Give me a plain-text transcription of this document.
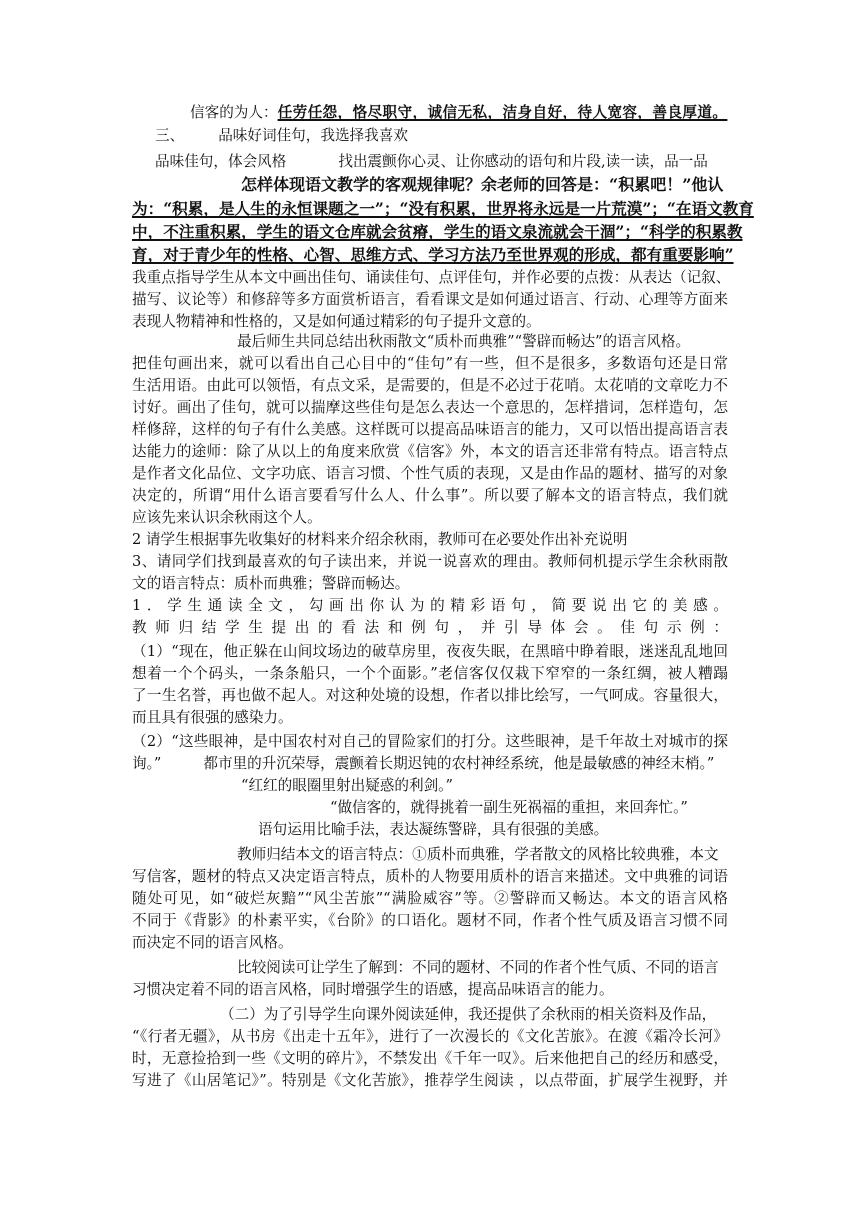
信客的为人：任劳任怨，恪尽职守，诚信无私，洁身自好，待人宽容，善良厚道。
三、 品味好词佳句，我选择我喜欢
品味佳句，体会风格	找出震颤你心灵、让你感动的语句和片段,读一读，品一品
怎样体现语文教学的客观规律呢？余老师的回答是：“积累吧！”他认
为：“积累，是人生的永恒课题之一”；“没有积累，世界将永远是一片荒漠”；“在语文教育
中，不注重积累，学生的语文仓库就会贫瘠，学生的语文泉流就会干涸”；“科学的积累教
育，对于青少年的性格、心智、思维方式、学习方法乃至世界观的形成，都有重要影响”
我重点指导学生从本文中画出佳句、诵读佳句、点评佳句，并作必要的点拨：从表达（记叙、
描写、议论等）和修辞等多方面赏析语言，看看课文是如何通过语言、行动、心理等方面来
表现人物精神和性格的，又是如何通过精彩的句子提升文意的。
最后师生共同总结出秋雨散文“质朴而典雅”“警辟而畅达”的语言风格。
把佳句画出来，就可以看出自己心目中的“佳句”有一些，但不是很多，多数语句还是日常
生活用语。由此可以领悟，有点文采，是需要的，但是不必过于花哨。太花哨的文章吃力不
讨好。画出了佳句，就可以揣摩这些佳句是怎么表达一个意思的，怎样措词，怎样造句，怎
样修辞，这样的句子有什么美感。这样既可以提高品味语言的能力，又可以悟出提高语言表
达能力的途师：除了从以上的角度来欣赏《信客》外，本文的语言还非常有特点。语言特点
是作者文化品位、文字功底、语言习惯、个性气质的表现，又是由作品的题材、描写的对象
决定的，所谓“用什么语言要看写什么人、什么事”。所以要了解本文的语言特点，我们就
应该先来认识余秋雨这个人。
2 请学生根据事先收集好的材料来介绍余秋雨，教师可在必要处作出补充说明
3、请同学们找到最喜欢的句子读出来，并说一说喜欢的理由。教师伺机提示学生余秋雨散
文的语言特点：质朴而典雅；警辟而畅达。
1．学生通读全文，勾画出你认为的精彩语句，简要说出它的美感。
教师归结学生提出的看法和例句，并引导体会。佳句示例：
（1）“现在，他正躲在山间坟场边的破草房里，夜夜失眠，在黑暗中睁着眼，迷迷乱乱地回
想着一个个码头，一条条船只，一个个面影。”老信客仅仅栽下窄窄的一条红绸，被人糟蹋
了一生名誉，再也做不起人。对这种处境的设想，作者以排比绘写，一气呵成。容量很大，
而且具有很强的感染力。
（2）“这些眼神，是中国农村对自己的冒险家们的打分。这些眼神，是千年故土对城市的探
询。”	都市里的升沉荣辱，震颤着长期迟钝的农村神经系统，他是最敏感的神经末梢。”
“红红的眼圈里射出疑惑的利剑。”
“做信客的，就得挑着一副生死祸福的重担，来回奔忙。”
语句运用比喻手法，表达凝练警辟，具有很强的美感。
教师归结本文的语言特点：①质朴而典雅，学者散文的风格比较典雅，本文
写信客，题材的特点又决定语言特点，质朴的人物要用质朴的语言来描述。文中典雅的词语
随处可见，如“破烂灰黯”“风尘苦旅”“满脸威容”等。②警辟而又畅达。本文的语言风格
不同于《背影》的朴素平实，《台阶》的口语化。题材不同，作者个性气质及语言习惯不同
而决定不同的语言风格。
比较阅读可让学生了解到：不同的题材、不同的作者个性气质、不同的语言
习惯决定着不同的语言风格，同时增强学生的语感，提高品味语言的能力。
（二）为了引导学生向课外阅读延伸，我还提供了余秋雨的相关资料及作品，
“《行者无疆》，从书房《出走十五年》，进行了一次漫长的《文化苦旅》。在渡《霜冷长河》
时，无意捡拾到一些《文明的碎片》，不禁发出《千年一叹》。后来他把自己的经历和感受，
写进了《山居笔记》”。特别是《文化苦旅》，推荐学生阅读 ，以点带面，扩展学生视野，并
